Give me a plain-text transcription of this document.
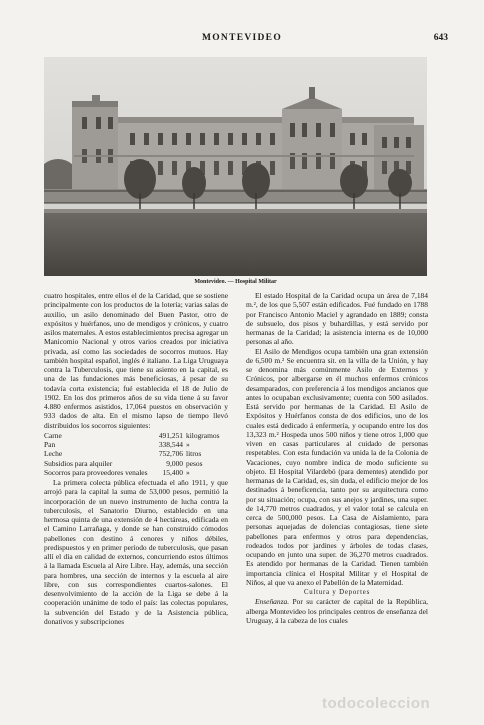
MONTEVIDEO	643
Montevideo. — Hospital Militar

cuatro hospitales, entre ellos el de la Caridad, que se sostiene principalmente con los productos de la lotería; varias salas de auxilio, un asilo denominado del Buen Pastor, otro de expósitos y huérfanos, uno de mendigos y crónicos, y cuatro asilos maternales. A estos establecimientos precisa agregar un Manicomio Nacional y otros varios creados por iniciativa privada, así como las sociedades de socorros mutuos. Hay también hospital español, inglés é italiano. La Liga Uruguaya contra la Tuberculosis, que tiene su asiento en la capital, es una de las fundaciones más beneficiosas, á pesar de su todavía corta existencia; fué establecida el 18 de Julio de 1902. En los dos primeros años de su vida tiene á su favor 4.880 enfermos asistidos, 17,064 puestos en observación y 933 dados de alta. En el mismo lapso de tiempo llevó distribuidos los socorros siguientes:

Carne	491,251	kilogramos
Pan	338,544	»
Leche	752,706	litros
Subsidios para alquiler	9,000	pesos
Socorros para proveedores venales	15,400	»

La primera colecta pública efectuada el año 1911, y que arrojó para la capital la suma de 53,000 pesos, permitió la incorporación de un nuevo instrumento de lucha contra la tuberculosis, el Sanatorio Diurno, establecido en una hermosa quinta de una extensión de 4 hectáreas, edificada en el Camino Larrañaga, y donde se han construido cómodos pabellones con destino á cenores y niños débiles, predispuestos y en primer período de tuberculosis, que pasan allí el día en calidad de externos, concurriendo estos últimos á la llamada Escuela al Aire Libre. Hay, además, una sección para hombres, una sección de internos y la escuela al aire libre, con sus correspondientes cuartos-salones. El desenvolvimiento de la acción de la Liga se debe á la cooperación unánime de todo el país: las colectas populares, la subvención del Estado y de la Asistencia pública, donativos y subscripciones

El estado Hospital de la Caridad ocupa un área de 7,184 m.², de los que 5,507 están edificados. Fué fundado en 1788 por Francisco Antonio Maciel y agrandado en 1889; consta de subsuelo, dos pisos y buhardillas, y está servido por hermanas de la Caridad; la asistencia interna es de 10,000 personas al año.

El Asilo de Mendigos ocupa también una gran extensión de 6,500 m.² Se encuentra sit. en la villa de la Unión, y hay se denomina más comúnmente Asilo de Externos y Crónicos, por albergarse en él muchos enfermos crónicos desamparados, con preferencia á los mendigos ancianos que antes lo ocupaban exclusivamente; cuenta con 500 asilados. Está servido por hermanas de la Caridad. El Asilo de Expósitos y Huérfanos consta de dos edificios, uno de los cuales está dedicado á enfermería, y ocupando entre los dos 13,323 m.² Hospeda unos 500 niños y tiene otros 1,000 que viven en casas particulares al cuidado de personas respetables. Con esta fundación va unida la de la Colonia de Vacaciones, cuyo nombre indica de modo suficiente su objeto. El Hospital Vilardebó (para dementes) atendido por hermanas de la Caridad, es, sin duda, el edificio mejor de los destinados á beneficencia, tanto por su arquitectura como por su situación; ocupa, con sus anejos y jardines, una super. de 14,770 metros cuadrados, y el valor total se calcula en cerca de 500,000 pesos. La Casa de Aislamiento, para personas aquejadas de dolencias contagiosas, tiene siete pabellones para enfermos y otros para dependencias, rodeados todos por jardines y árboles de todas clases, ocupando en junto una super. de 36,270 metros cuadrados. Es atendido por hermanas de la Caridad. Tienen también importancia clínica el Hospital Militar y el Hospital de Niños, al que va anexo el Pabellón de la Maternidad.

Cultura y Deportes

Enseñanza. Por su carácter de capital de la República, alberga Montevideo los principales centros de enseñanza del Uruguay, á la cabeza de los cuales

todocoleccion
